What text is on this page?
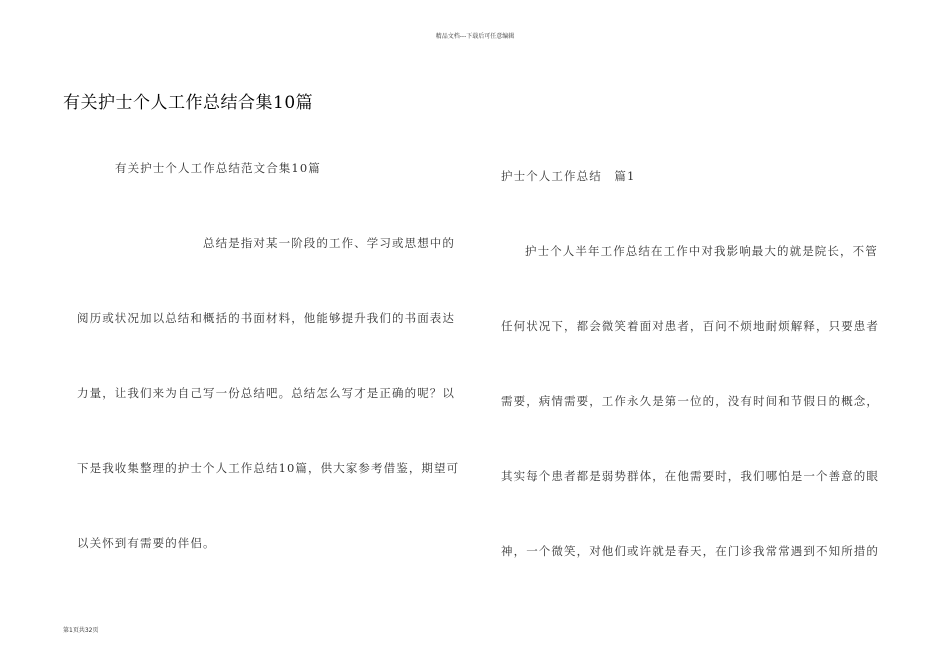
精品文档---下载后可任意编辑
有关护士个人工作总结合集10篇
有关护士个人工作总结范文合集10篇
总结是指对某一阶段的工作、学习或思想中的
阅历或状况加以总结和概括的书面材料，他能够提升我们的书面表达
力量，让我们来为自己写一份总结吧。总结怎么写才是正确的呢？以
下是我收集整理的护士个人工作总结10篇，供大家参考借鉴，期望可
以关怀到有需要的伴侣。
护士个人工作总结　篇1
护士个人半年工作总结在工作中对我影响最大的就是院长，不管
任何状况下，都会微笑着面对患者，百问不烦地耐烦解释，只要患者
需要，病情需要，工作永久是第一位的，没有时间和节假日的概念，
其实每个患者都是弱势群体，在他需要时，我们哪怕是一个善意的眼
神，一个微笑，对他们或许就是春天，在门诊我常常遇到不知所措的
第1页共32页
